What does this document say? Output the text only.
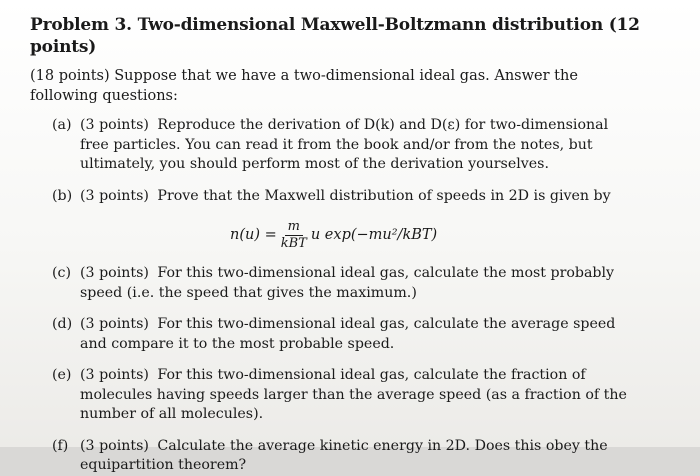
Problem 3. Two-dimensional Maxwell-Boltzmann distribution (12 points)
(18 points) Suppose that we have a two-dimensional ideal gas. Answer the following questions:
(a) (3 points) Reproduce the derivation of D(k) and D(ε) for two-dimensional free particles. You can read it from the book and/or from the notes, but ultimately, you should perform most of the derivation yourselves.
(b) (3 points) Prove that the Maxwell distribution of speeds in 2D is given by
$n(u) = \frac{m}{\text{kBT}}$ u exp(−mu²/kBT)
(c) (3 points) For this two-dimensional ideal gas, calculate the most probably speed (i.e. the speed that gives the maximum.)
(d) (3 points) For this two-dimensional ideal gas, calculate the average speed and compare it to the most probable speed.
(e) (3 points) For this two-dimensional ideal gas, calculate the fraction of molecules having speeds larger than the average speed (as a fraction of the number of all molecules).
(f) (3 points) Calculate the average kinetic energy in 2D. Does this obey the equipartition theorem?
